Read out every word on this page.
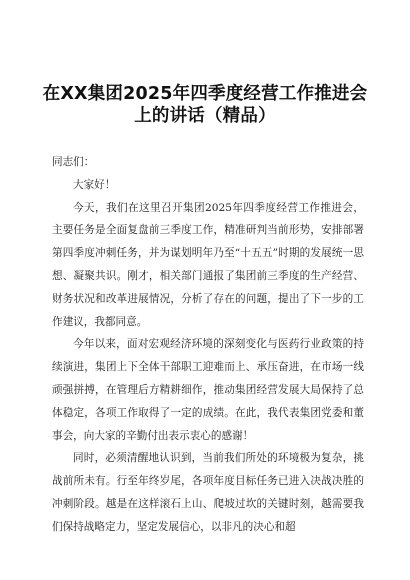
在XX集团2025年四季度经营工作推进会
上的讲话（精品）

同志们：

大家好！

今天，我们在这里召开集团2025年四季度经营工作推进会，主要任务是全面复盘前三季度工作，精准研判当前形势，安排部署第四季度冲刺任务，并为谋划明年乃至“十五五”时期的发展统一思想、凝聚共识。刚才，相关部门通报了集团前三季度的生产经营、财务状况和改革进展情况，分析了存在的问题，提出了下一步的工作建议，我都同意。

今年以来，面对宏观经济环境的深刻变化与医药行业政策的持续演进，集团上下全体干部职工迎难而上、承压奋进，在市场一线顽强拼搏，在管理后方精耕细作，推动集团经营发展大局保持了总体稳定，各项工作取得了一定的成绩。在此，我代表集团党委和董事会，向大家的辛勤付出表示衷心的感谢！

同时，必须清醒地认识到，当前我们所处的环境极为复杂，挑战前所未有。行至年终岁尾，各项年度目标任务已进入决战决胜的冲刺阶段。越是在这样滚石上山、爬坡过坎的关键时刻，越需要我们保持战略定力，坚定发展信心，以非凡的决心和超
